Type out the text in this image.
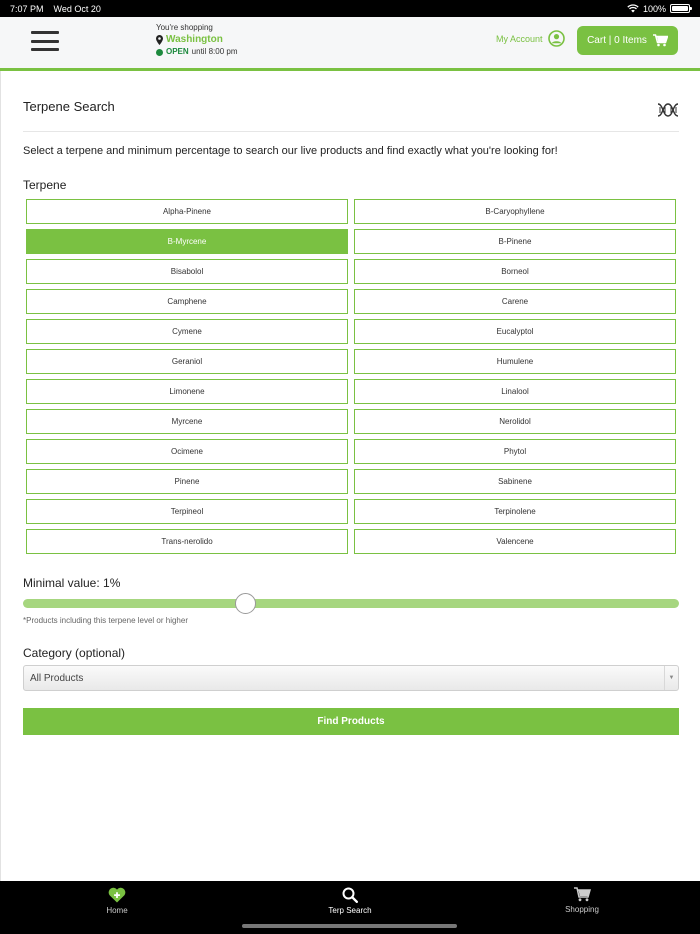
7:07 PM Wed Oct 20	100%
You're shopping
Washington
OPEN until 8:00 pm
My Account	Cart | 0 Items
Terpene Search
Select a terpene and minimum percentage to search our live products and find exactly what you're looking for!
Terpene
Alpha-Pinene	B-Caryophyllene
B-Myrcene	B-Pinene
Bisabolol	Borneol
Camphene	Carene
Cymene	Eucalyptol
Geraniol	Humulene
Limonene	Linalool
Myrcene	Nerolidol
Ocimene	Phytol
Pinene	Sabinene
Terpineol	Terpinolene
Trans-nerolido	Valencene
Minimal value: 1%
*Products including this terpene level or higher
Category (optional)
All Products	▼
Find Products
Home	Terp Search	Shopping
